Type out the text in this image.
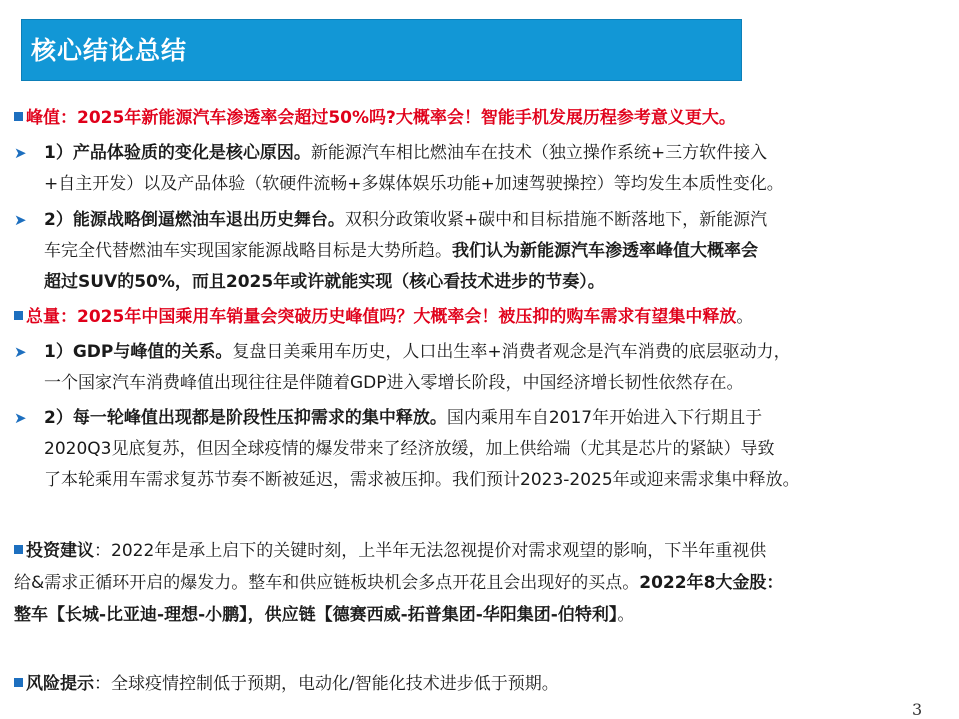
核心结论总结
峰值：2025年新能源汽车渗透率会超过50%吗?大概率会！智能手机发展历程参考意义更大。
➤ 1）产品体验质的变化是核心原因。新能源汽车相比燃油车在技术（独立操作系统+三方软件接入
+自主开发）以及产品体验（软硬件流畅+多媒体娱乐功能+加速驾驶操控）等均发生本质性变化。
➤ 2）能源战略倒逼燃油车退出历史舞台。双积分政策收紧+碳中和目标措施不断落地下，新能源汽
车完全代替燃油车实现国家能源战略目标是大势所趋。我们认为新能源汽车渗透率峰值大概率会
超过SUV的50%，而且2025年或许就能实现（核心看技术进步的节奏）。
总量：2025年中国乘用车销量会突破历史峰值吗？大概率会！被压抑的购车需求有望集中释放。
➤ 1）GDP与峰值的关系。复盘日美乘用车历史，人口出生率+消费者观念是汽车消费的底层驱动力，
一个国家汽车消费峰值出现往往是伴随着GDP进入零增长阶段，中国经济增长韧性依然存在。
➤ 2）每一轮峰值出现都是阶段性压抑需求的集中释放。国内乘用车自2017年开始进入下行期且于
2020Q3见底复苏，但因全球疫情的爆发带来了经济放缓，加上供给端（尤其是芯片的紧缺）导致
了本轮乘用车需求复苏节奏不断被延迟，需求被压抑。我们预计2023-2025年或迎来需求集中释放。
投资建议：2022年是承上启下的关键时刻，上半年无法忽视提价对需求观望的影响，下半年重视供
给&需求正循环开启的爆发力。整车和供应链板块机会多点开花且会出现好的买点。2022年8大金股：
整车【长城-比亚迪-理想-小鹏】，供应链【德赛西威-拓普集团-华阳集团-伯特利】。
风险提示：全球疫情控制低于预期，电动化/智能化技术进步低于预期。
3
